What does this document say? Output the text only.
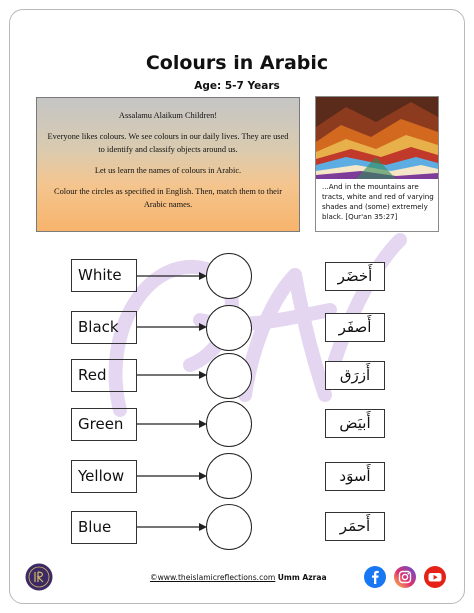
Colours in Arabic
Age: 5-7 Years

Assalamu Alaikum Children!

Everyone likes colours. We see colours in our daily lives. They are used to identify and classify objects around us.

Let us learn the names of colours in Arabic.

Colour the circles as specified in English. Then, match them to their Arabic names.

...And in the mountains are tracts, white and red of varying shades and (some) extremely black. [Qur'an 35:27]
White	أَخضَر
Black	أَصفَر
Red	أَزرَق
Green	أَبيَض
Yellow	أَسوَد
Blue	أَحمَر
©www.theislamicreflections.com Umm Azraa
